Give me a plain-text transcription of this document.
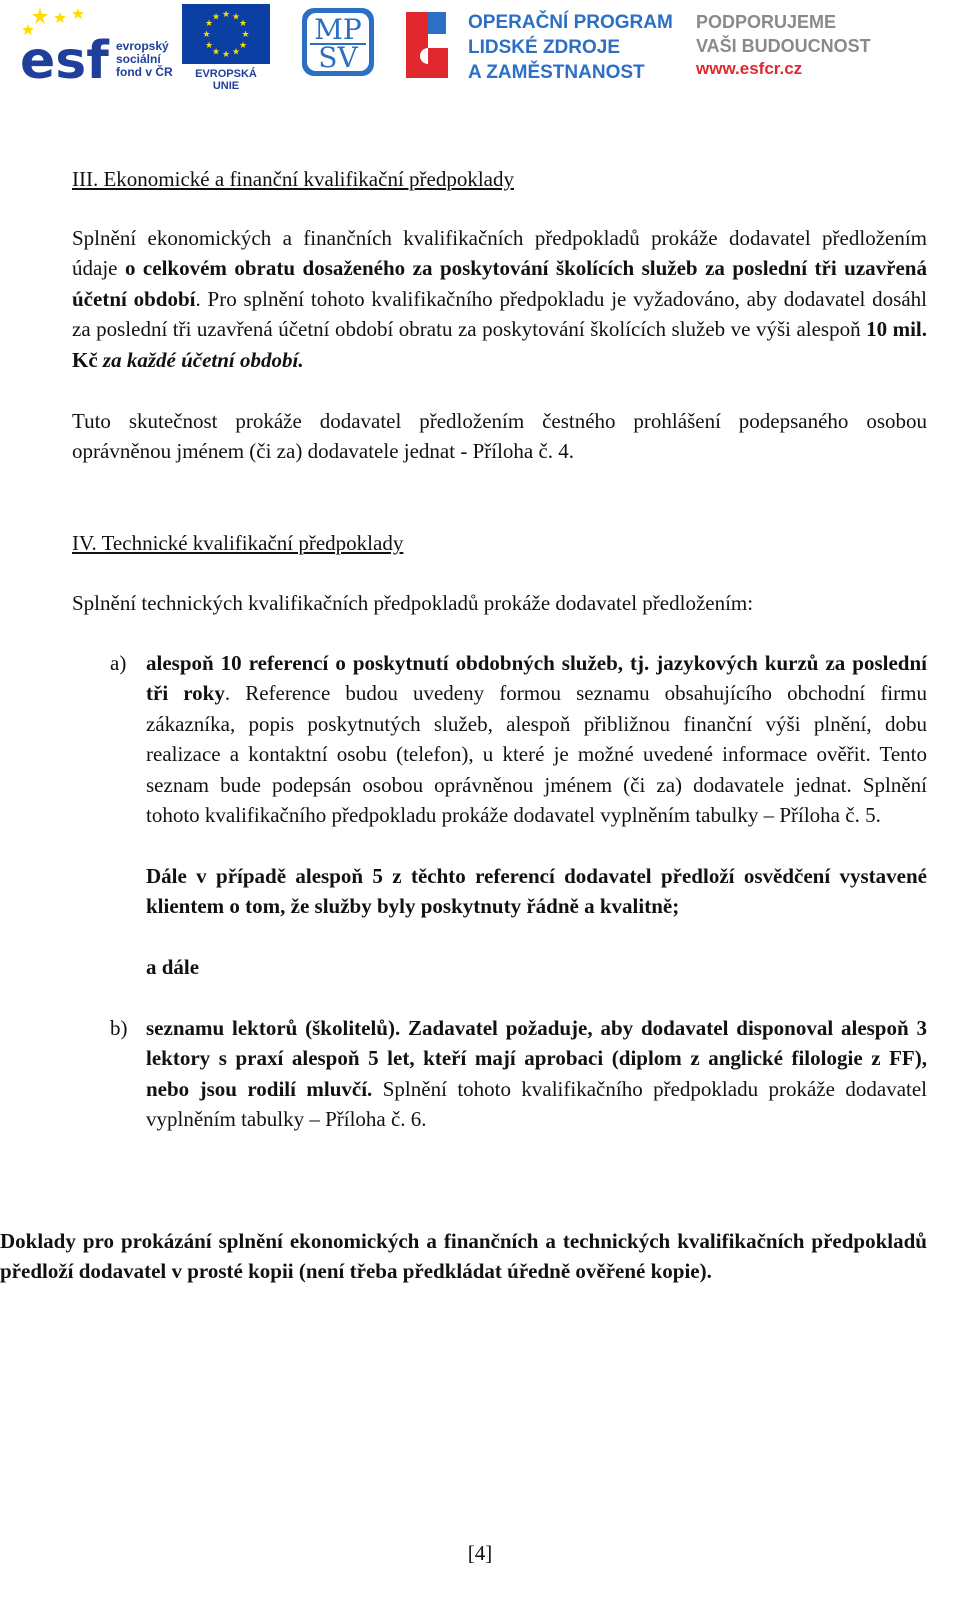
esf evropský
sociální
fond v ČR
★ ★
★
★
★
★
★
★
★
★
★
★
EVROPSKÁ UNIE
MP
SV
OPERAČNÍ PROGRAM
LIDSKÉ ZDROJE
A ZAMĚSTNANOST
PODPORUJEME
VAŠI BUDOUCNOST
www.esfcr.cz
III. Ekonomické a finanční kvalifikační předpoklady
Splnění ekonomických a finančních kvalifikačních předpokladů prokáže dodavatel předložením údaje o celkovém obratu dosaženého za poskytování školících služeb za poslední tři uzavřená účetní období. Pro splnění tohoto kvalifikačního předpokladu je vyžadováno, aby dodavatel dosáhl za poslední tři uzavřená účetní období obratu za poskytování školících služeb ve výši alespoň 10 mil. Kč za každé účetní období.
Tuto skutečnost prokáže dodavatel předložením čestného prohlášení podepsaného osobou oprávněnou jménem (či za) dodavatele jednat - Příloha č. 4.
IV. Technické kvalifikační předpoklady
Splnění technických kvalifikačních předpokladů prokáže dodavatel předložením:
a) alespoň 10 referencí o poskytnutí obdobných služeb, tj. jazykových kurzů za poslední tři roky. Reference budou uvedeny formou seznamu obsahujícího obchodní firmu zákazníka, popis poskytnutých služeb, alespoň přibližnou finanční výši plnění, dobu realizace a kontaktní osobu (telefon), u které je možné uvedené informace ověřit. Tento seznam bude podepsán osobou oprávněnou jménem (či za) dodavatele jednat. Splnění tohoto kvalifikačního předpokladu prokáže dodavatel vyplněním tabulky – Příloha č. 5.
Dále v případě alespoň 5 z těchto referencí dodavatel předloží osvědčení vystavené klientem o tom, že služby byly poskytnuty řádně a kvalitně;
a dále
b) seznamu lektorů (školitelů). Zadavatel požaduje, aby dodavatel disponoval alespoň 3 lektory s praxí alespoň 5 let, kteří mají aprobaci (diplom z anglické filologie z FF), nebo jsou rodilí mluvčí. Splnění tohoto kvalifikačního předpokladu prokáže dodavatel vyplněním tabulky – Příloha č. 6.
Doklady pro prokázání splnění ekonomických a finančních a technických kvalifikačních předpokladů předloží dodavatel v prosté kopii (není třeba předkládat úředně ověřené kopie).
[4]
